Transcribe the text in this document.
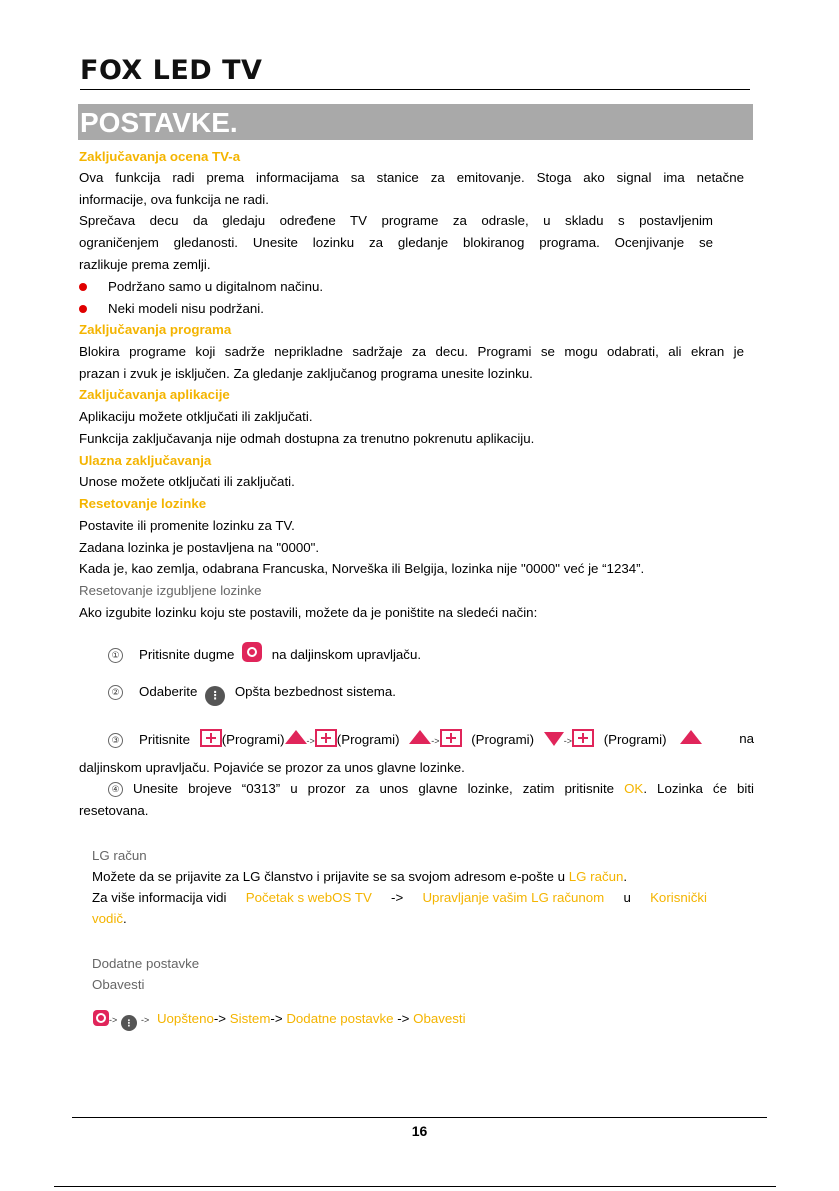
FOX LED TV
POSTAVKE.
Zaključavanja ocena TV-a
Ova funkcija radi prema informacijama sa stanice za emitovanje. Stoga ako signal ima netačne
informacije, ova funkcija ne radi.
Sprečava decu da gledaju određene TV programe za odrasle, u skladu s postavljenim
ograničenjem gledanosti. Unesite lozinku za gledanje blokiranog programa. Ocenjivanje se
razlikuje prema zemlji.
Podržano samo u digitalnom načinu.
Neki modeli nisu podržani.
Zaključavanja programa
Blokira programe koji sadrže neprikladne sadržaje za decu. Programi se mogu odabrati, ali ekran je
prazan i zvuk je isključen. Za gledanje zaključanog programa unesite lozinku.
Zaključavanja aplikacije
Aplikaciju možete otključati ili zaključati.
Funkcija zaključavanja nije odmah dostupna za trenutno pokrenutu aplikaciju.
Ulazna zaključavanja
Unose možete otključati ili zaključati.
Resetovanje lozinke
Postavite ili promenite lozinku za TV.
Zadana lozinka je postavljena na "0000".
Kada je, kao zemlja, odabrana Francuska, Norveška ili Belgija, lozinka nije "0000" već je “1234”.
Resetovanje izgubljene lozinke
Ako izgubite lozinku koju ste postavili, možete da je poništite na sledeći način:
① Pritisnite dugme	na daljinskom upravljaču.
② Odaberite ⋮ Opšta bezbednost sistema.
③ Pritisnite (Programi) -> (Programi)	-> (Programi)	-> (Programi)	na
daljinskom upravljaču. Pojaviće se prozor za unos glavne lozinke.
④	Unesite brojeve “0313” u prozor za unos glavne lozinke, zatim pritisnite OK. Lozinka će biti
resetovana.
LG račun
Možete da se prijavite za LG članstvo i prijavite se sa svojom adresom e-pošte u LG račun.
Za više informacija vidi Početak s webOS TV -> Upravljanje vašim LG računom u Korisnički
vodič.
Dodatne postavke
Obavesti
-> ⋮ -> Uopšteno-> Sistem-> Dodatne postavke -> Obavesti
16
